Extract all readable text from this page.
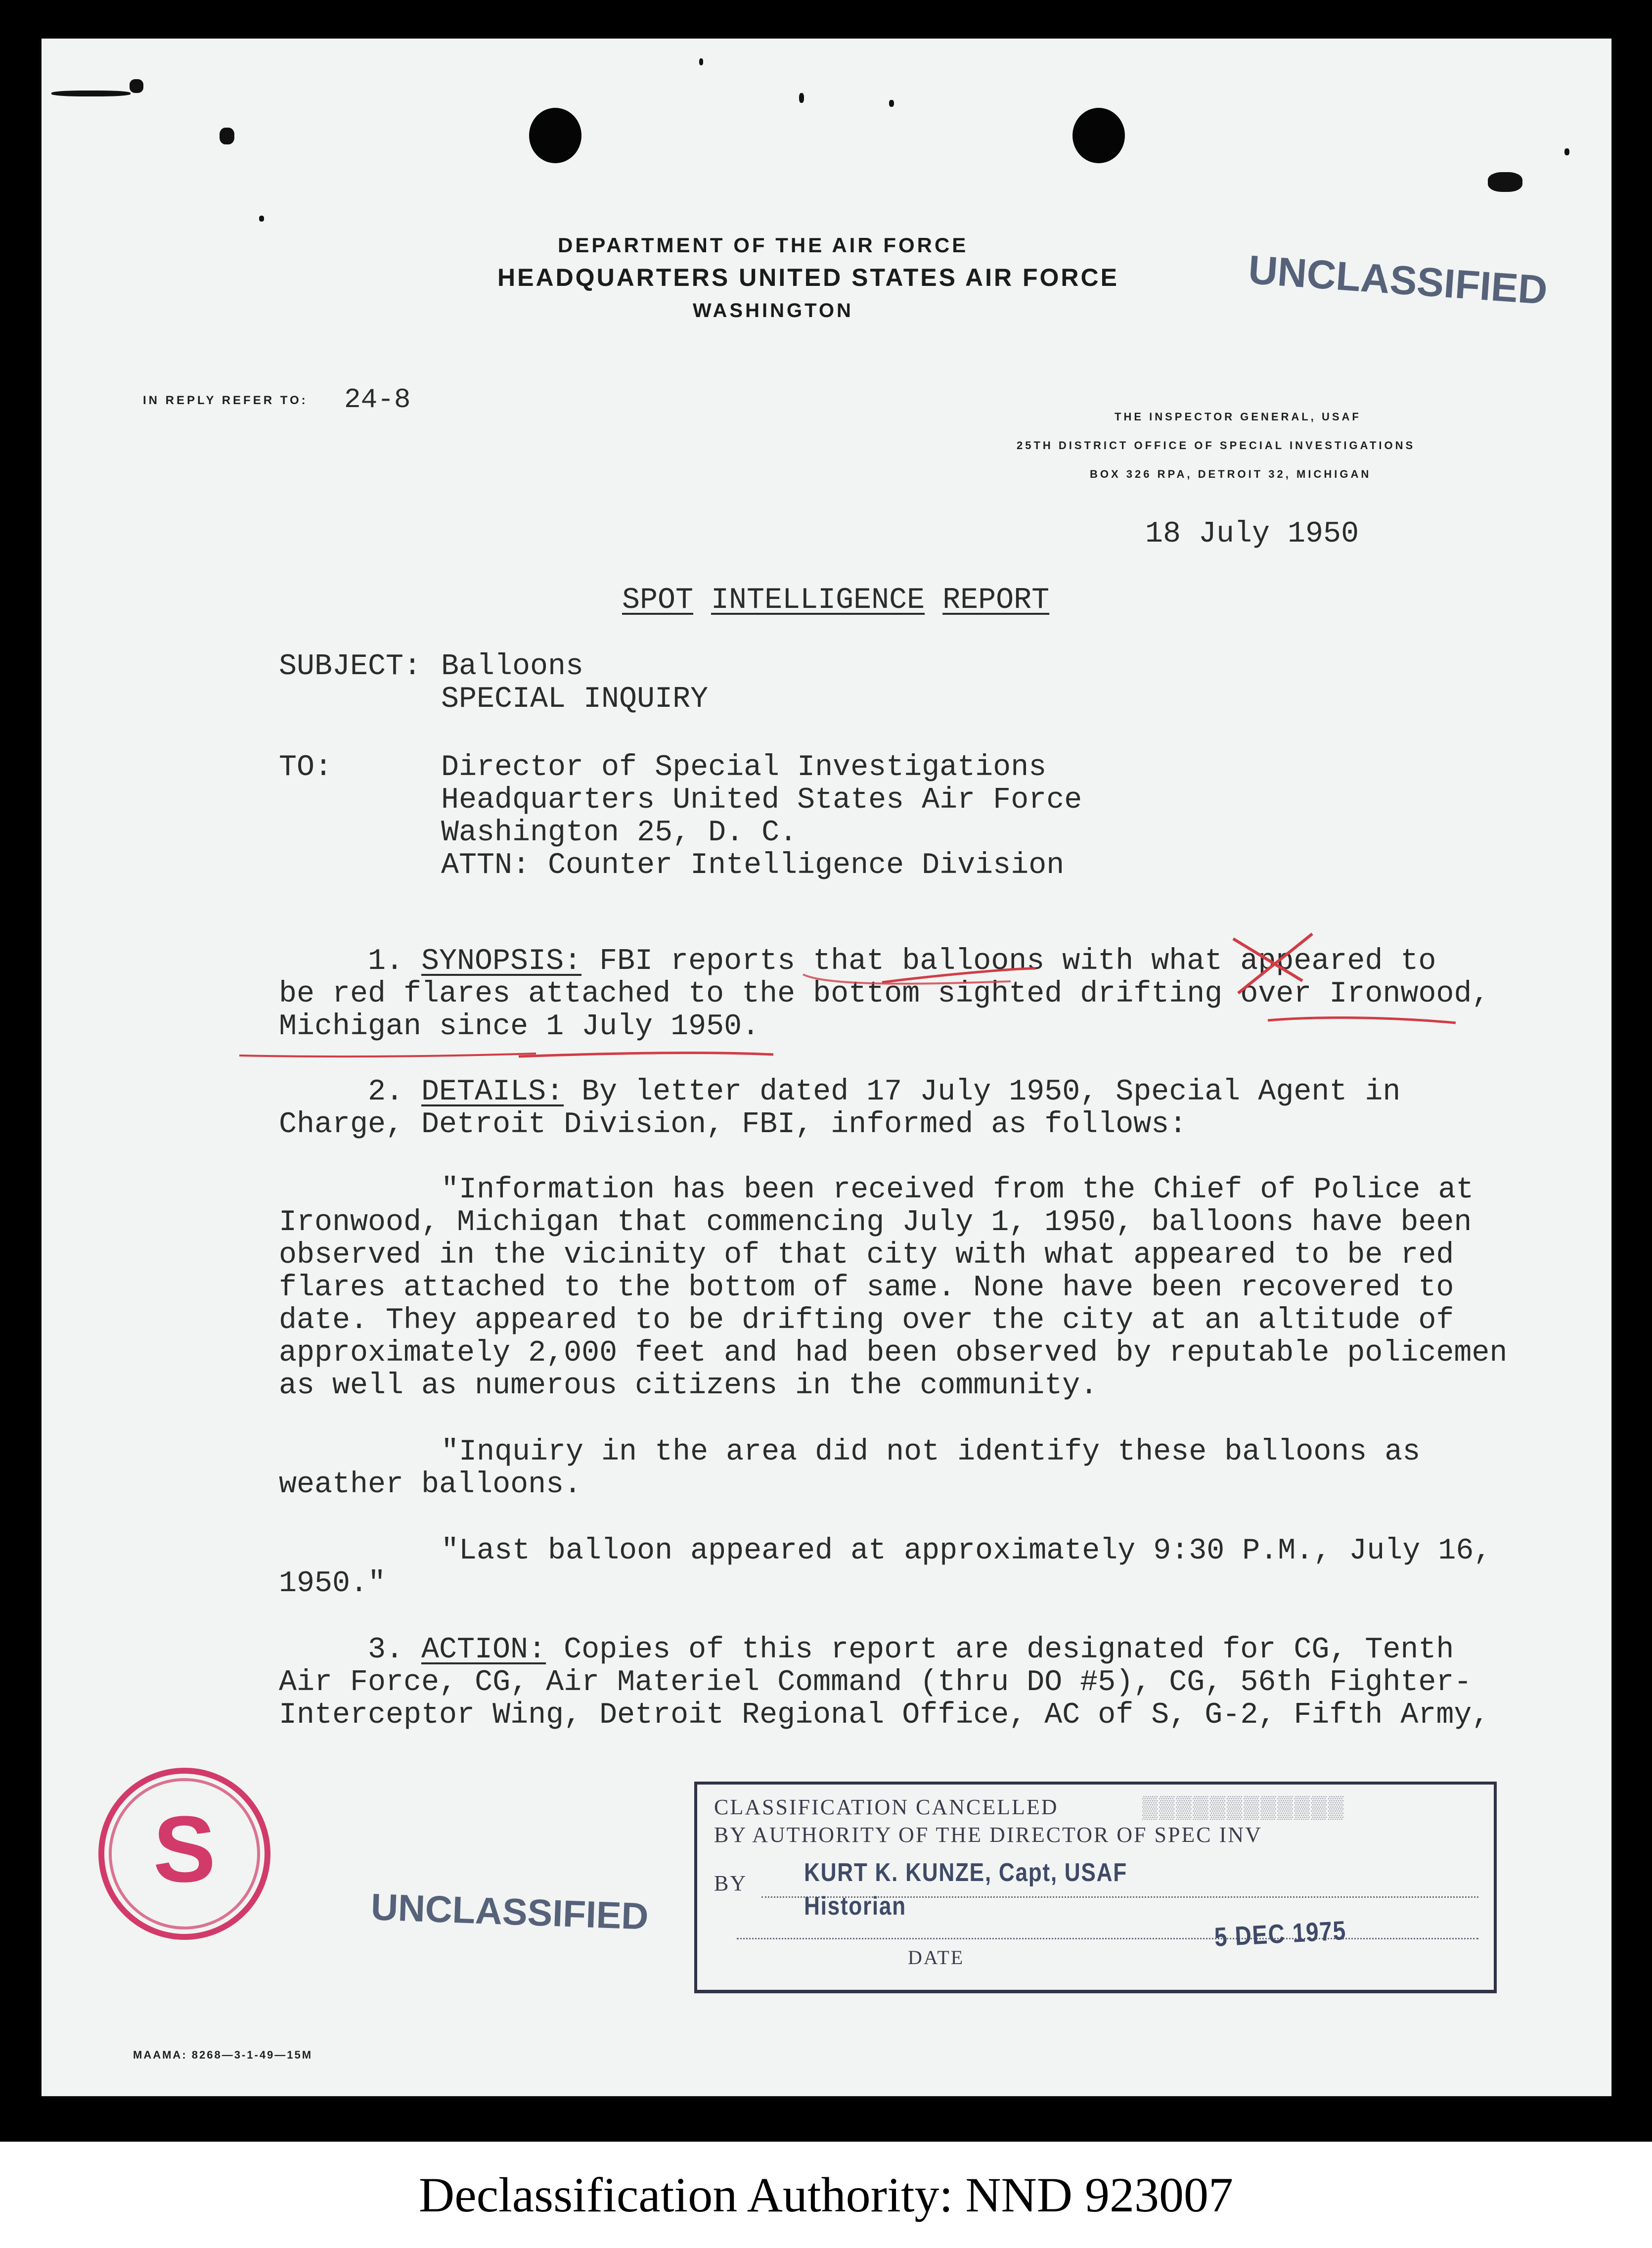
DEPARTMENT OF THE AIR FORCE
HEADQUARTERS UNITED STATES AIR FORCE
WASHINGTON	UNCLASSIFIED
IN REPLY REFER TO: 24-8
THE INSPECTOR GENERAL, USAF
25TH DISTRICT OFFICE OF SPECIAL INVESTIGATIONS
BOX 326 RPA, DETROIT 32, MICHIGAN
18 July 1950
SPOT INTELLIGENCE REPORT
SUBJECT: Balloons
SPECIAL INQUIRY
TO:	Director of Special Investigations
Headquarters United States Air Force
Washington 25, D. C.
ATTN: Counter Intelligence Division
1. SYNOPSIS: FBI reports that balloons with what appeared to
be red flares attached to the bottom sighted drifting over Ironwood,
Michigan since 1 July 1950.
2. DETAILS: By letter dated 17 July 1950, Special Agent in
Charge, Detroit Division, FBI, informed as follows:
"Information has been received from the Chief of Police at
Ironwood, Michigan that commencing July 1, 1950, balloons have been
observed in the vicinity of that city with what appeared to be red
flares attached to the bottom of same. None have been recovered to
date. They appeared to be drifting over the city at an altitude of
approximately 2,000 feet and had been observed by reputable policemen
as well as numerous citizens in the community.
"Inquiry in the area did not identify these balloons as
weather balloons.
"Last balloon appeared at approximately 9:30 P.M., July 16,
1950."
3. ACTION: Copies of this report are designated for CG, Tenth
Air Force, CG, Air Materiel Command (thru DO #5), CG, 56th Fighter-
Interceptor Wing, Detroit Regional Office, AC of S, G-2, Fifth Army,
S
UNCLASSIFIED
CLASSIFICATION CANCELLED	▒▒▒▒▒▒▒▒▒▒▒▒
BY AUTHORITY OF THE DIRECTOR OF SPEC INV
BY KURT K. KUNZE, Capt, USAF
Historian
DATE
5 DEC 1975
MAAMA: 8268—3-1-49—15M
Declassification Authority: NND 923007
